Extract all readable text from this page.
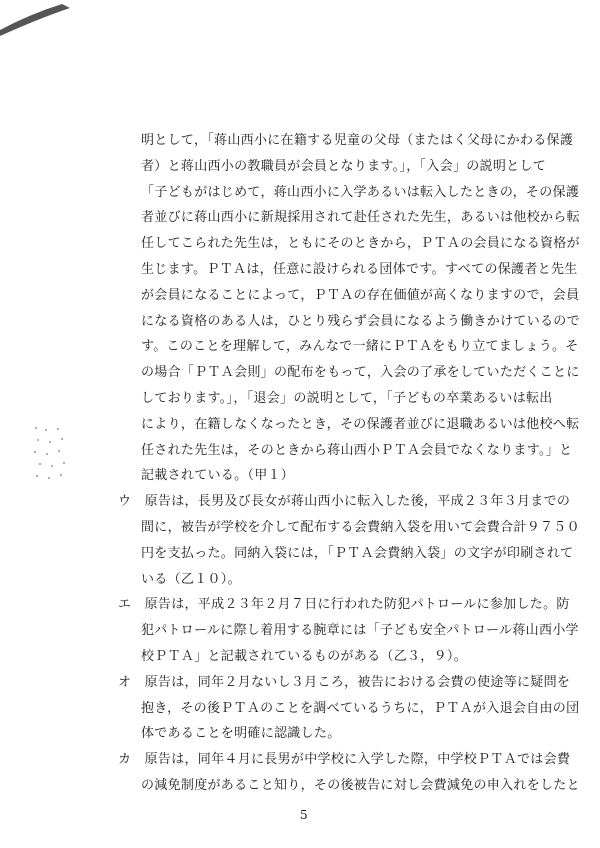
5
明として，「蒋山西小に在籍する児童の父母（またはく父母にかわる保護
者）と蒋山西小の教職員が会員となります。」，「入会」の説明として
「子どもがはじめて，蒋山西小に入学あるいは転入したときの，その保護
者並びに蒋山西小に新規採用されて赴任された先生，あるいは他校から転
任してこられた先生は，ともにそのときから，ＰＴＡの会員になる資格が
生じます。ＰＴＡは，任意に設けられる団体です。すべての保護者と先生
が会員になることによって，ＰＴＡの存在価値が高くなりますので，会員
になる資格のある人は，ひとり残らず会員になるよう働きかけているので
す。このことを理解して，みんなで一緒にＰＴＡをもり立てましょう。そ
の場合「ＰＴＡ会則」の配布をもって，入会の了承をしていただくことに
しております。」，「退会」の説明として，「子どもの卒業あるいは転出
により，在籍しなくなったとき，その保護者並びに退職あるいは他校へ転
任された先生は，そのときから蒋山西小ＰＴＡ会員でなくなります。」と
記載されている。（甲１）
ウ　原告は，長男及び長女が蒋山西小に転入した後，平成２３年３月までの
間に，被告が学校を介して配布する会費納入袋を用いて会費合計９７５０
円を支払った。同納入袋には，「ＰＴＡ会費納入袋」の文字が印刷されて
いる（乙１０）。
エ　原告は，平成２３年２月７日に行われた防犯パトロールに参加した。防
犯パトロールに際し着用する腕章には「子ども安全パトロール蒋山西小学
校ＰＴＡ」と記載されているものがある（乙３，９）。
オ　原告は，同年２月ないし３月ころ，被告における会費の使途等に疑問を
抱き，その後ＰＴＡのことを調べているうちに，ＰＴＡが入退会自由の団
体であることを明確に認識した。
カ　原告は，同年４月に長男が中学校に入学した際，中学校ＰＴＡでは会費
の減免制度があること知り，その後被告に対し会費減免の申入れをしたと
